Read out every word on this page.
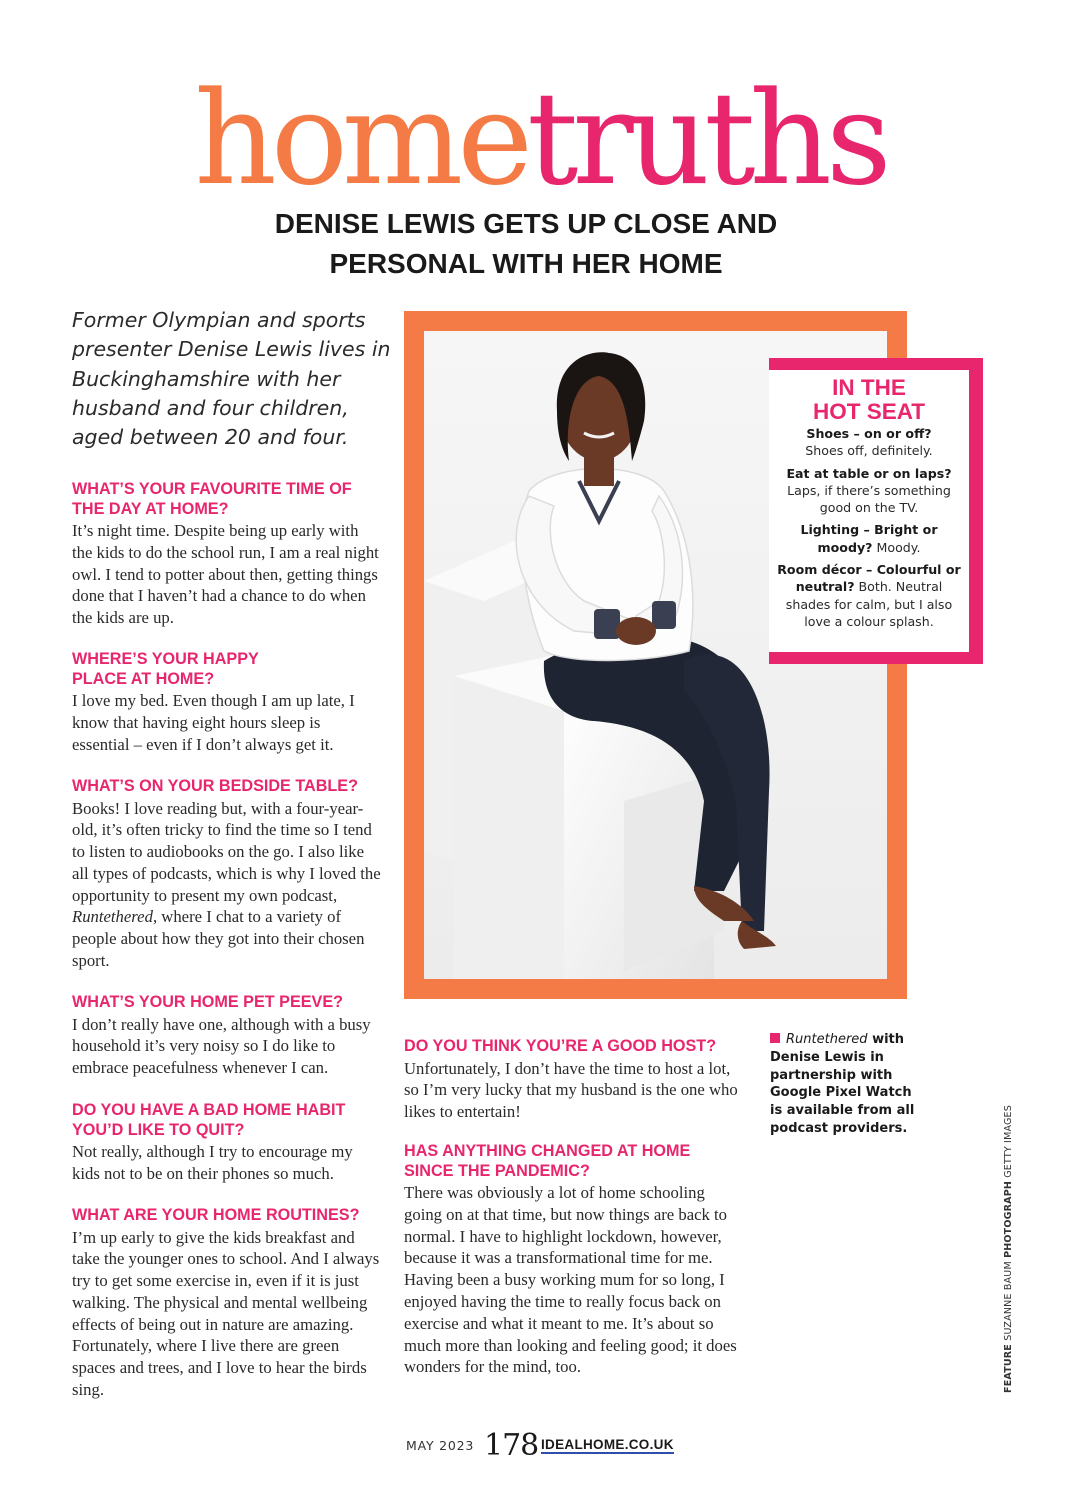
hometruths
DENISE LEWIS GETS UP CLOSE AND
PERSONAL WITH HER HOME
Former Olympian and sports presenter Denise Lewis lives in Buckinghamshire with her husband and four children, aged between 20 and four.
WHAT’S YOUR FAVOURITE TIME OF THE DAY AT HOME?
It’s night time. Despite being up early with the kids to do the school run, I am a real night owl. I tend to potter about then, getting things done that I haven’t had a chance to do when the kids are up.
WHERE’S YOUR HAPPY PLACE AT HOME?
I love my bed. Even though I am up late, I know that having eight hours sleep is essential – even if I don’t always get it.
WHAT’S ON YOUR BEDSIDE TABLE?
Books! I love reading but, with a four-year-old, it’s often tricky to find the time so I tend to listen to audiobooks on the go. I also like all types of podcasts, which is why I loved the opportunity to present my own podcast, Runtethered, where I chat to a variety of people about how they got into their chosen sport.
WHAT’S YOUR HOME PET PEEVE?
I don’t really have one, although with a busy household it’s very noisy so I do like to embrace peacefulness whenever I can.
DO YOU HAVE A BAD HOME HABIT YOU’D LIKE TO QUIT?
Not really, although I try to encourage my kids not to be on their phones so much.
WHAT ARE YOUR HOME ROUTINES?
I’m up early to give the kids breakfast and take the younger ones to school. And I always try to get some exercise in, even if it is just walking. The physical and mental wellbeing effects of being out in nature are amazing. Fortunately, where I live there are green spaces and trees, and I love to hear the birds sing.
DO YOU THINK YOU’RE A GOOD HOST?
Unfortunately, I don’t have the time to host a lot, so I’m very lucky that my husband is the one who likes to entertain!
HAS ANYTHING CHANGED AT HOME SINCE THE PANDEMIC?
There was obviously a lot of home schooling going on at that time, but now things are back to normal. I have to highlight lockdown, however, because it was a transformational time for me. Having been a busy working mum for so long, I enjoyed having the time to really focus back on exercise and what it meant to me. It’s about so much more than looking and feeling good; it does wonders for the mind, too.
IN THE
HOT SEAT
Shoes – on or off?
Shoes off, definitely.
Eat at table or on laps?
Laps, if there’s something good on the TV.
Lighting – Bright or moody? Moody.
Room décor – Colourful or neutral? Both. Neutral shades for calm, but I also love a colour splash.
Runtethered with Denise Lewis in partnership with Google Pixel Watch is available from all podcast providers.
FEATURE SUZANNE BAUM PHOTOGRAPH GETTY IMAGES
MAY 2023 178 IDEALHOME.CO.UK
